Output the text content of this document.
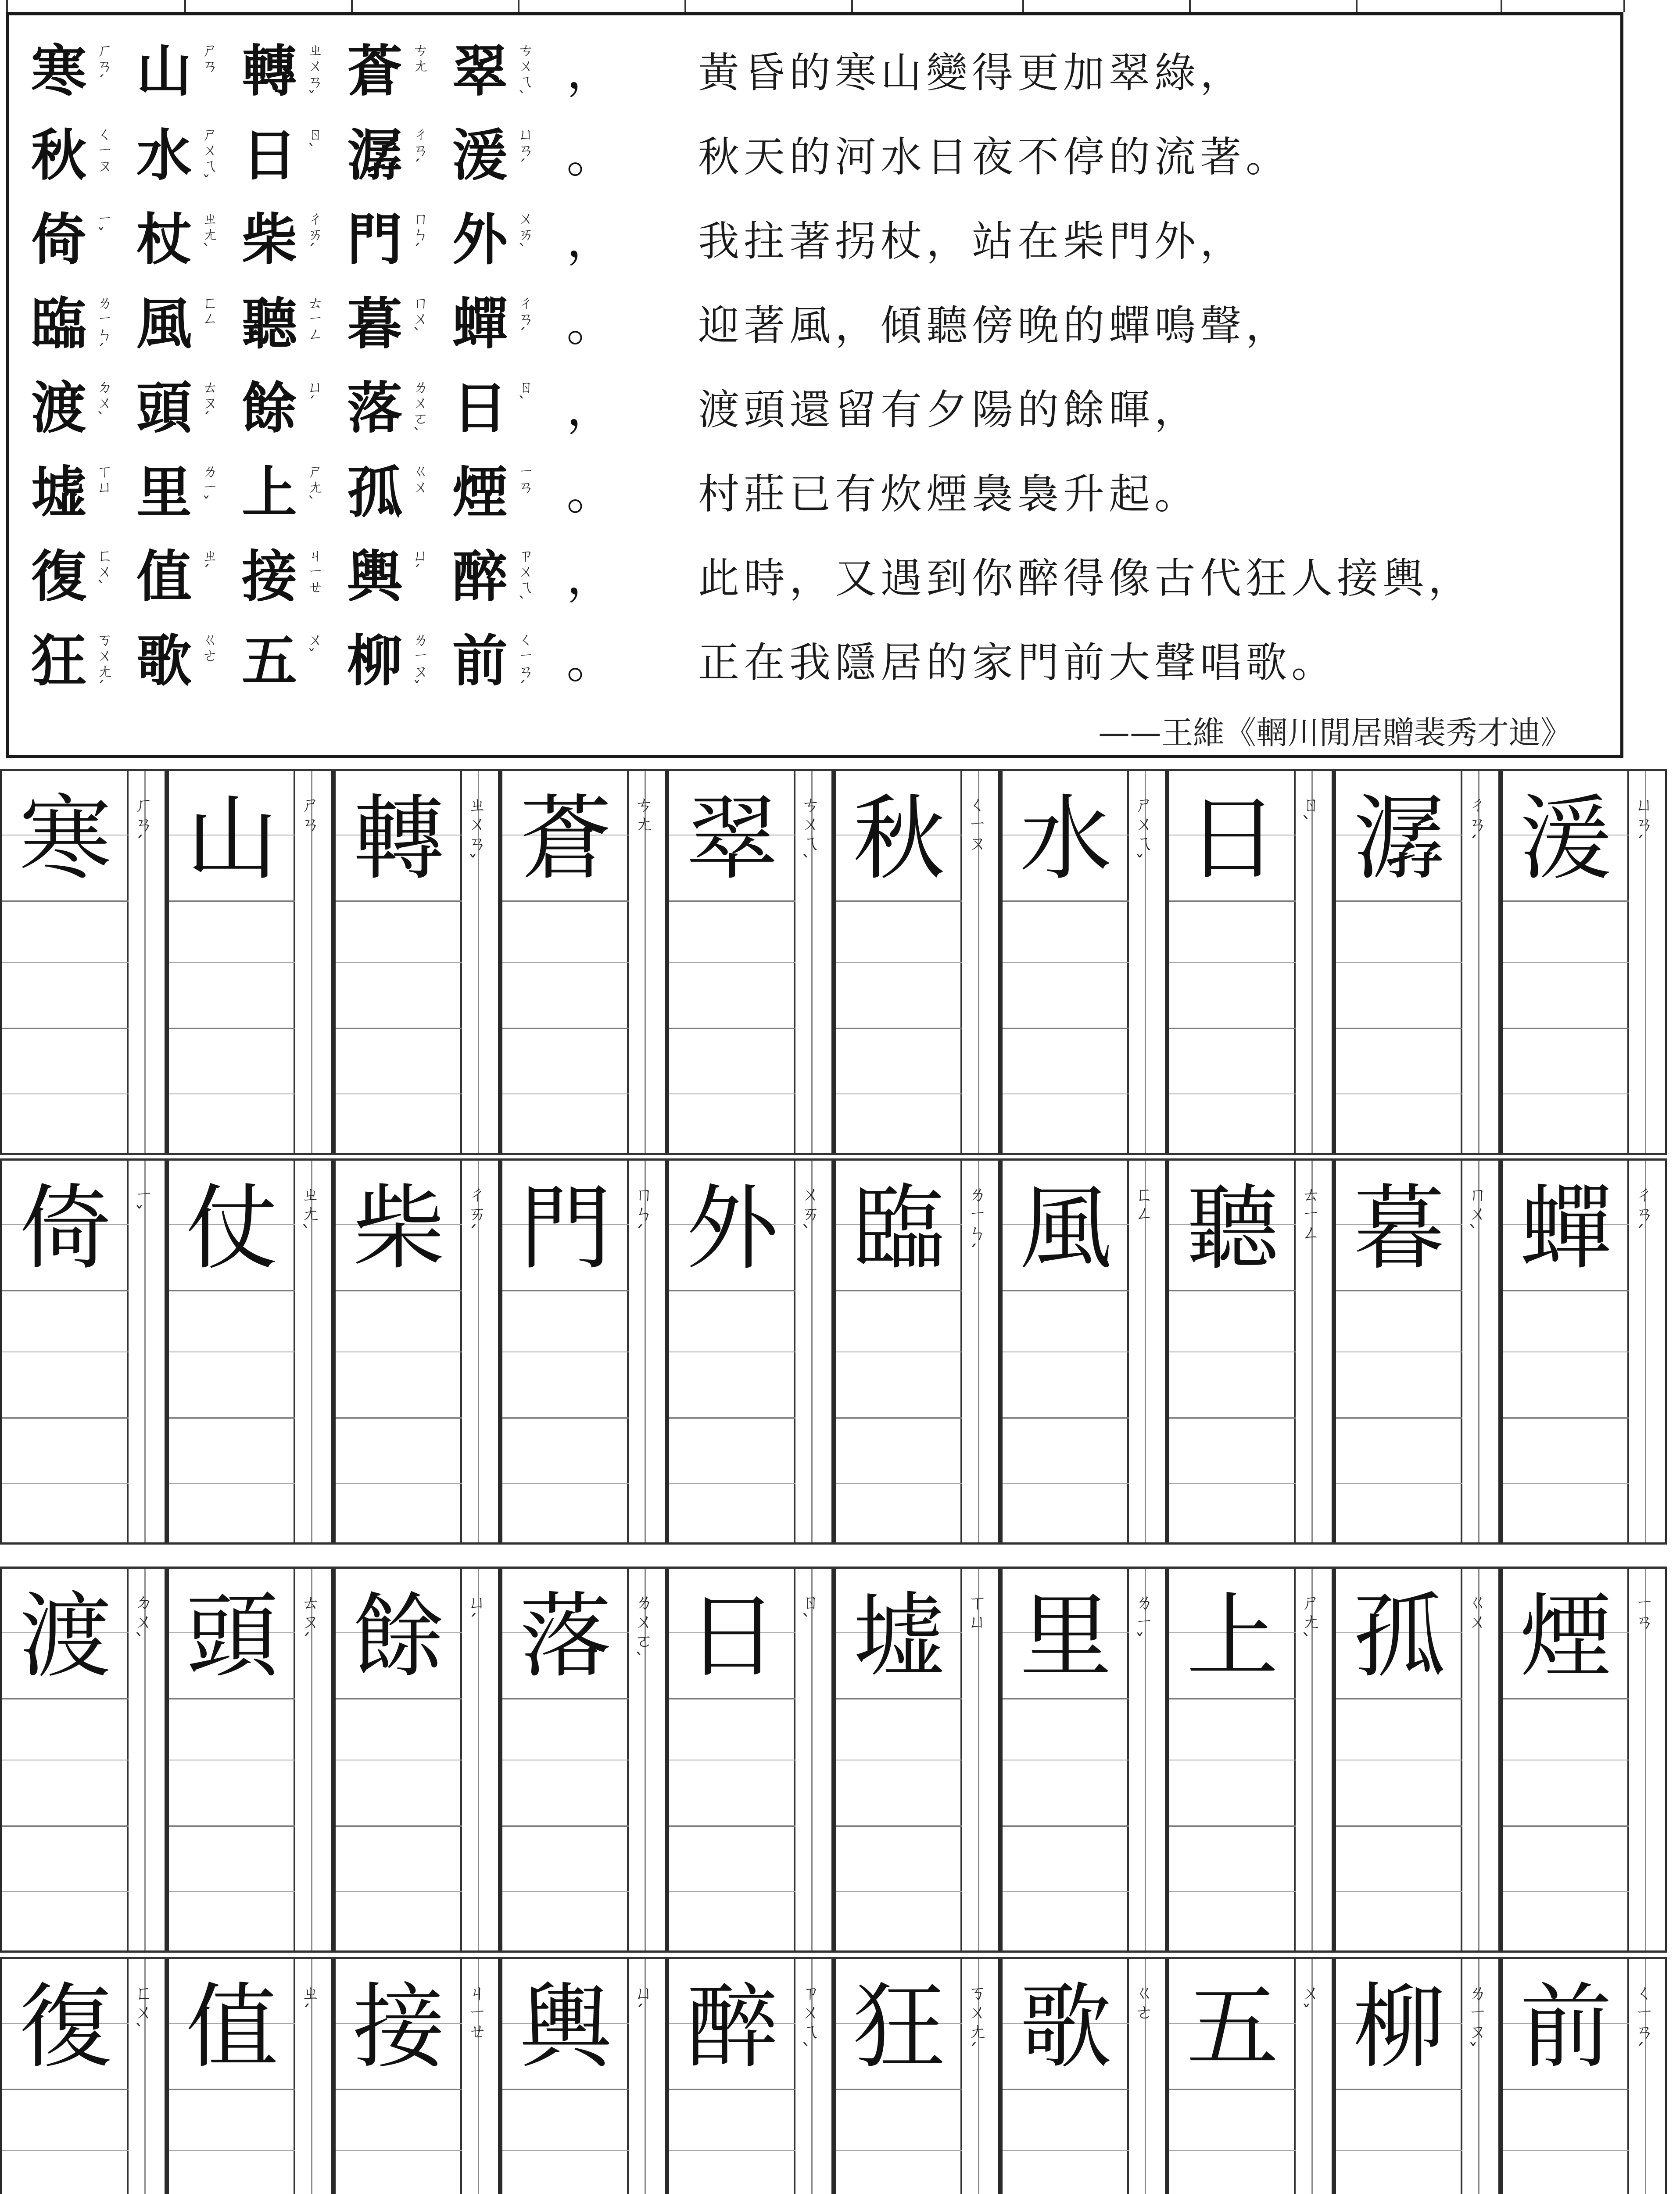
寒 ㄏㄢˊ 山 ㄕㄢ 轉 ㄓㄨㄢˇ 蒼 ㄘㄤ 翠 ㄘㄨㄟˋ ， 黃昏的寒山變得更加翠綠，
秋 ㄑㄧㄡ 水 ㄕㄨㄟˇ 日 ㄖˋ 潺 ㄔㄢˊ 湲 ㄩㄢˊ 。 秋天的河水日夜不停的流著。
倚 ㄧˇ 杖 ㄓㄤˋ 柴 ㄔㄞˊ 門 ㄇㄣˊ 外 ㄨㄞˋ ， 我拄著拐杖，站在柴門外，
臨 ㄌㄧㄣˊ 風 ㄈㄥ 聽 ㄊㄧㄥ 暮 ㄇㄨˋ 蟬 ㄔㄢˊ 。 迎著風，傾聽傍晚的蟬鳴聲，
渡 ㄉㄨˋ 頭 ㄊㄡˊ 餘 ㄩˊ 落 ㄌㄨㄛˋ 日 ㄖˋ ， 渡頭還留有夕陽的餘暉，
墟 ㄒㄩ 里 ㄌㄧˇ 上 ㄕㄤˋ 孤 ㄍㄨ 煙 ㄧㄢ 。 村莊已有炊煙裊裊升起。
復 ㄈㄨˋ 值 ㄓˊ 接 ㄐㄧㄝ 輿 ㄩˊ 醉 ㄗㄨㄟˋ ， 此時，又遇到你醉得像古代狂人接輿，
狂 ㄎㄨㄤˊ 歌 ㄍㄜ 五 ㄨˇ 柳 ㄌㄧㄡˇ 前 ㄑㄧㄢˊ 。 正在我隱居的家門前大聲唱歌。
——王維《輞川閒居贈裴秀才迪》
寒	ㄏㄢˊ 山	ㄕㄢ 轉	ㄓㄨㄢˇ 蒼	ㄘㄤ 翠	ㄘㄨㄟˋ 秋	ㄑㄧㄡ 水	ㄕㄨㄟˇ 日	ㄖˋ 潺	ㄔㄢˊ 湲	ㄩㄢˊ
倚	ㄧˇ 仗	ㄓㄤˋ 柴	ㄔㄞˊ 門	ㄇㄣˊ 外	ㄨㄞˋ 臨	ㄌㄧㄣˊ 風	ㄈㄥ 聽	ㄊㄧㄥ 暮	ㄇㄨˋ 蟬	ㄔㄢˊ
渡	ㄉㄨˋ 頭	ㄊㄡˊ 餘	ㄩˊ 落	ㄌㄨㄛˋ 日	ㄖˋ 墟	ㄒㄩ 里	ㄌㄧˇ 上	ㄕㄤˋ 孤	ㄍㄨ 煙	ㄧㄢ
復	ㄈㄨˋ 值	ㄓˊ 接	ㄐㄧㄝ 輿	ㄩˊ 醉	ㄗㄨㄟˋ 狂	ㄎㄨㄤˊ 歌	ㄍㄜ 五	ㄨˇ 柳	ㄌㄧㄡˇ 前	ㄑㄧㄢˊ
